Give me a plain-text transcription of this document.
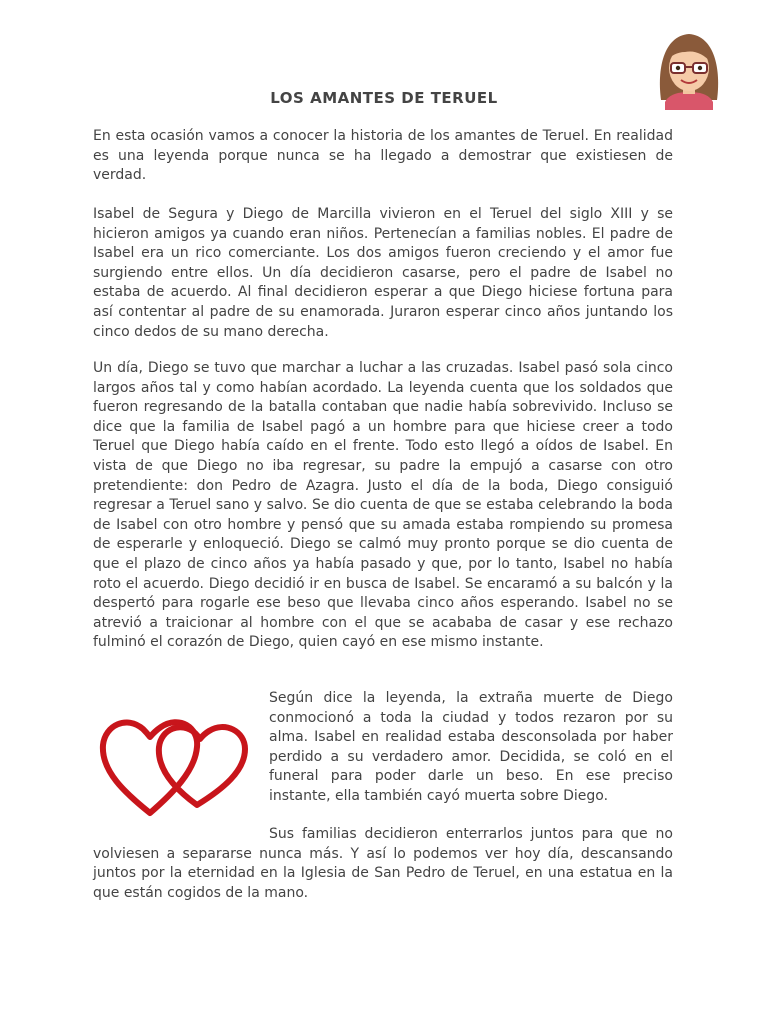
LOS AMANTES DE TERUEL

En esta ocasión vamos a conocer la historia de los amantes de Teruel. En realidad es una leyenda porque nunca se ha llegado a demostrar que existiesen de verdad.

Isabel de Segura y Diego de Marcilla vivieron en el Teruel del siglo XIII y se hicieron amigos ya cuando eran niños. Pertenecían a familias nobles. El padre de Isabel era un rico comerciante. Los dos amigos fueron creciendo y el amor fue surgiendo entre ellos. Un día decidieron casarse, pero el padre de Isabel no estaba de acuerdo. Al final decidieron esperar a que Diego hiciese fortuna para así contentar al padre de su enamorada. Juraron esperar cinco años juntando los cinco dedos de su mano derecha.

Un día, Diego se tuvo que marchar a luchar a las cruzadas. Isabel pasó sola cinco largos años tal y como habían acordado. La leyenda cuenta que los soldados que fueron regresando de la batalla contaban que nadie había sobrevivido. Incluso se dice que la familia de Isabel pagó a un hombre para que hiciese creer a todo Teruel que Diego había caído en el frente. Todo esto llegó a oídos de Isabel. En vista de que Diego no iba regresar, su padre la empujó a casarse con otro pretendiente: don Pedro de Azagra. Justo el día de la boda, Diego consiguió regresar a Teruel sano y salvo. Se dio cuenta de que se estaba celebrando la boda de Isabel con otro hombre y pensó que su amada estaba rompiendo su promesa de esperarle y enloqueció. Diego se calmó muy pronto porque se dio cuenta de que el plazo de cinco años ya había pasado y que, por lo tanto, Isabel no había roto el acuerdo. Diego decidió ir en busca de Isabel. Se encaramó a su balcón y la despertó para rogarle ese beso que llevaba cinco años esperando. Isabel no se atrevió a traicionar al hombre con el que se acababa de casar y ese rechazo fulminó el corazón de Diego, quien cayó en ese mismo instante.

Según dice la leyenda, la extraña muerte de Diego conmocionó a toda la ciudad y todos rezaron por su alma. Isabel en realidad estaba desconsolada por haber perdido a su verdadero amor. Decidida, se coló en el funeral para poder darle un beso. En ese preciso instante, ella también cayó muerta sobre Diego.

Sus familias decidieron enterrarlos juntos para que no
volviesen a separarse nunca más. Y así lo podemos ver hoy día, descansando juntos por la eternidad en la Iglesia de San Pedro de Teruel, en una estatua en la que están cogidos de la mano.
